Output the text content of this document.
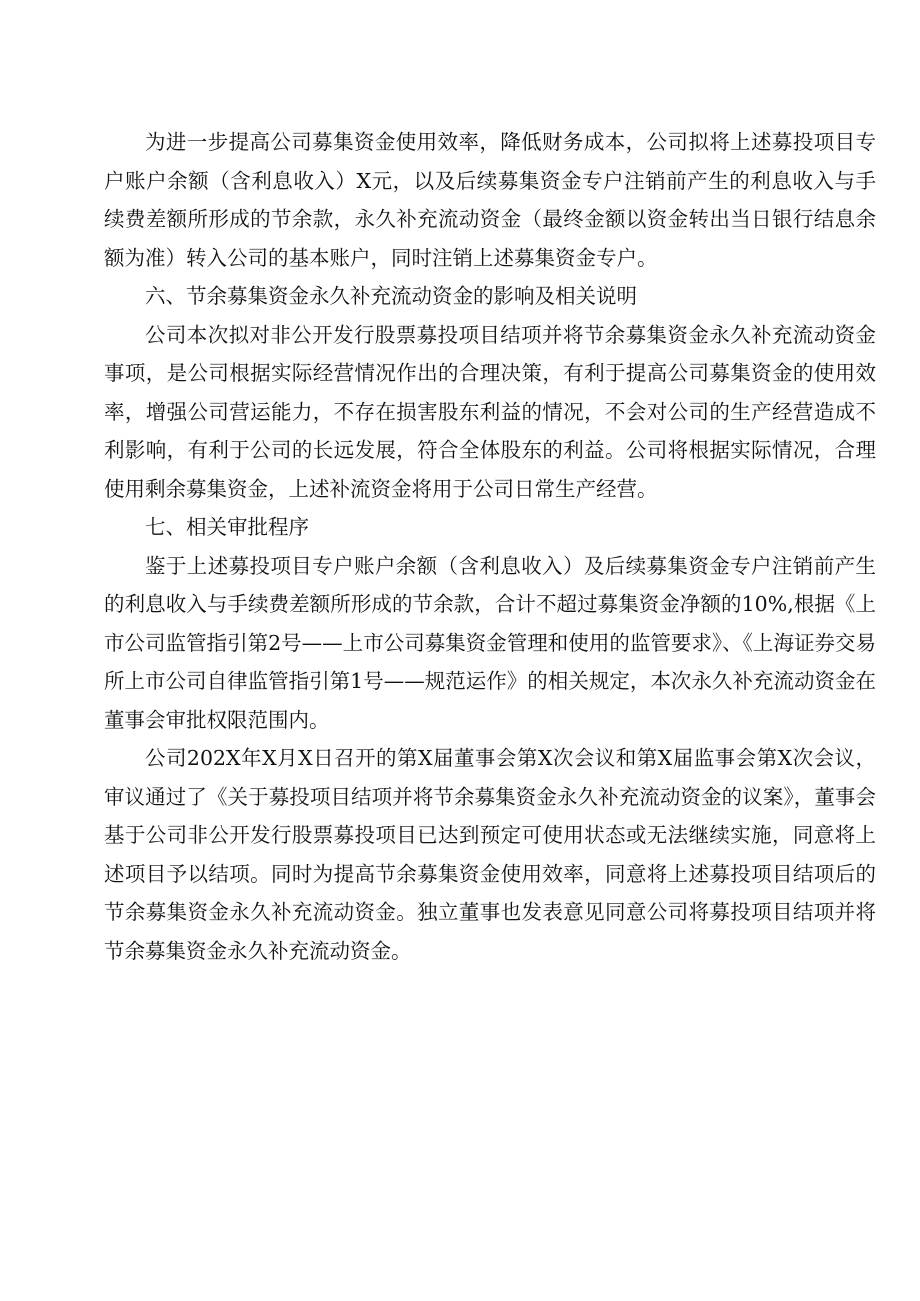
为进一步提高公司募集资金使用效率，降低财务成本，公司拟将上述募投项目专户账户余额（含利息收入）X元，以及后续募集资金专户注销前产生的利息收入与手续费差额所形成的节余款，永久补充流动资金（最终金额以资金转出当日银行结息余额为准）转入公司的基本账户，同时注销上述募集资金专户。

六、节余募集资金永久补充流动资金的影响及相关说明

公司本次拟对非公开发行股票募投项目结项并将节余募集资金永久补充流动资金事项，是公司根据实际经营情况作出的合理决策，有利于提高公司募集资金的使用效率，增强公司营运能力，不存在损害股东利益的情况，不会对公司的生产经营造成不利影响，有利于公司的长远发展，符合全体股东的利益。公司将根据实际情况，合理使用剩余募集资金，上述补流资金将用于公司日常生产经营。

七、相关审批程序

鉴于上述募投项目专户账户余额（含利息收入）及后续募集资金专户注销前产生的利息收入与手续费差额所形成的节余款，合计不超过募集资金净额的10%,根据《上市公司监管指引第2号——上市公司募集资金管理和使用的监管要求》、《上海证券交易所上市公司自律监管指引第1号——规范运作》的相关规定，本次永久补充流动资金在董事会审批权限范围内。

公司202X年X月X日召开的第X届董事会第X次会议和第X届监事会第X次会议，审议通过了《关于募投项目结项并将节余募集资金永久补充流动资金的议案》，董事会基于公司非公开发行股票募投项目已达到预定可使用状态或无法继续实施，同意将上述项目予以结项。同时为提高节余募集资金使用效率，同意将上述募投项目结项后的节余募集资金永久补充流动资金。独立董事也发表意见同意公司将募投项目结项并将节余募集资金永久补充流动资金。
